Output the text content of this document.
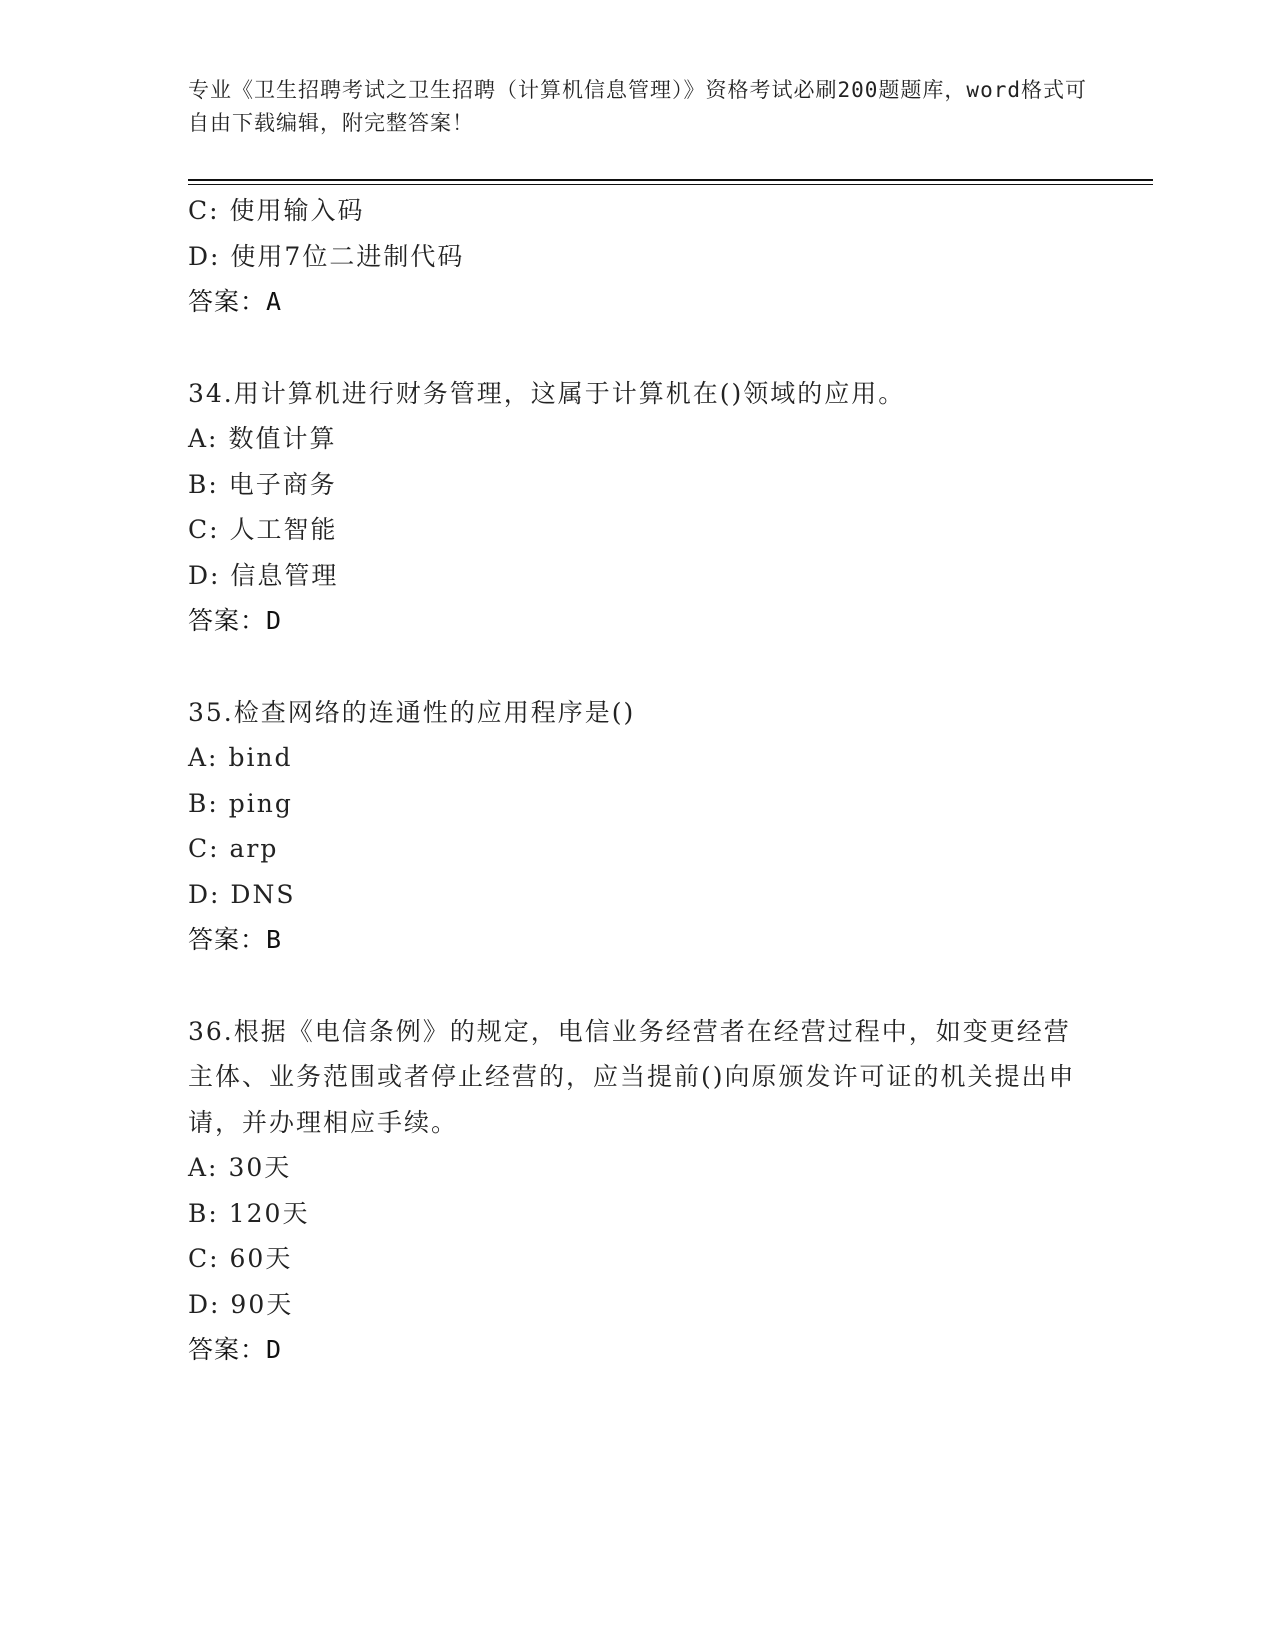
专业《卫生招聘考试之卫生招聘（计算机信息管理）》资格考试必刷200题题库，word格式可自由下载编辑，附完整答案！
C: 使用输入码
D: 使用7位二进制代码
答案：A
34.用计算机进行财务管理，这属于计算机在()领域的应用。
A: 数值计算
B: 电子商务
C: 人工智能
D: 信息管理
答案：D
35.检查网络的连通性的应用程序是()
A: bind
B: ping
C: arp
D: DNS
答案：B
36.根据《电信条例》的规定，电信业务经营者在经营过程中，如变更经营主体、业务范围或者停止经营的，应当提前()向原颁发许可证的机关提出申请，并办理相应手续。
A: 30天
B: 120天
C: 60天
D: 90天
答案：D
